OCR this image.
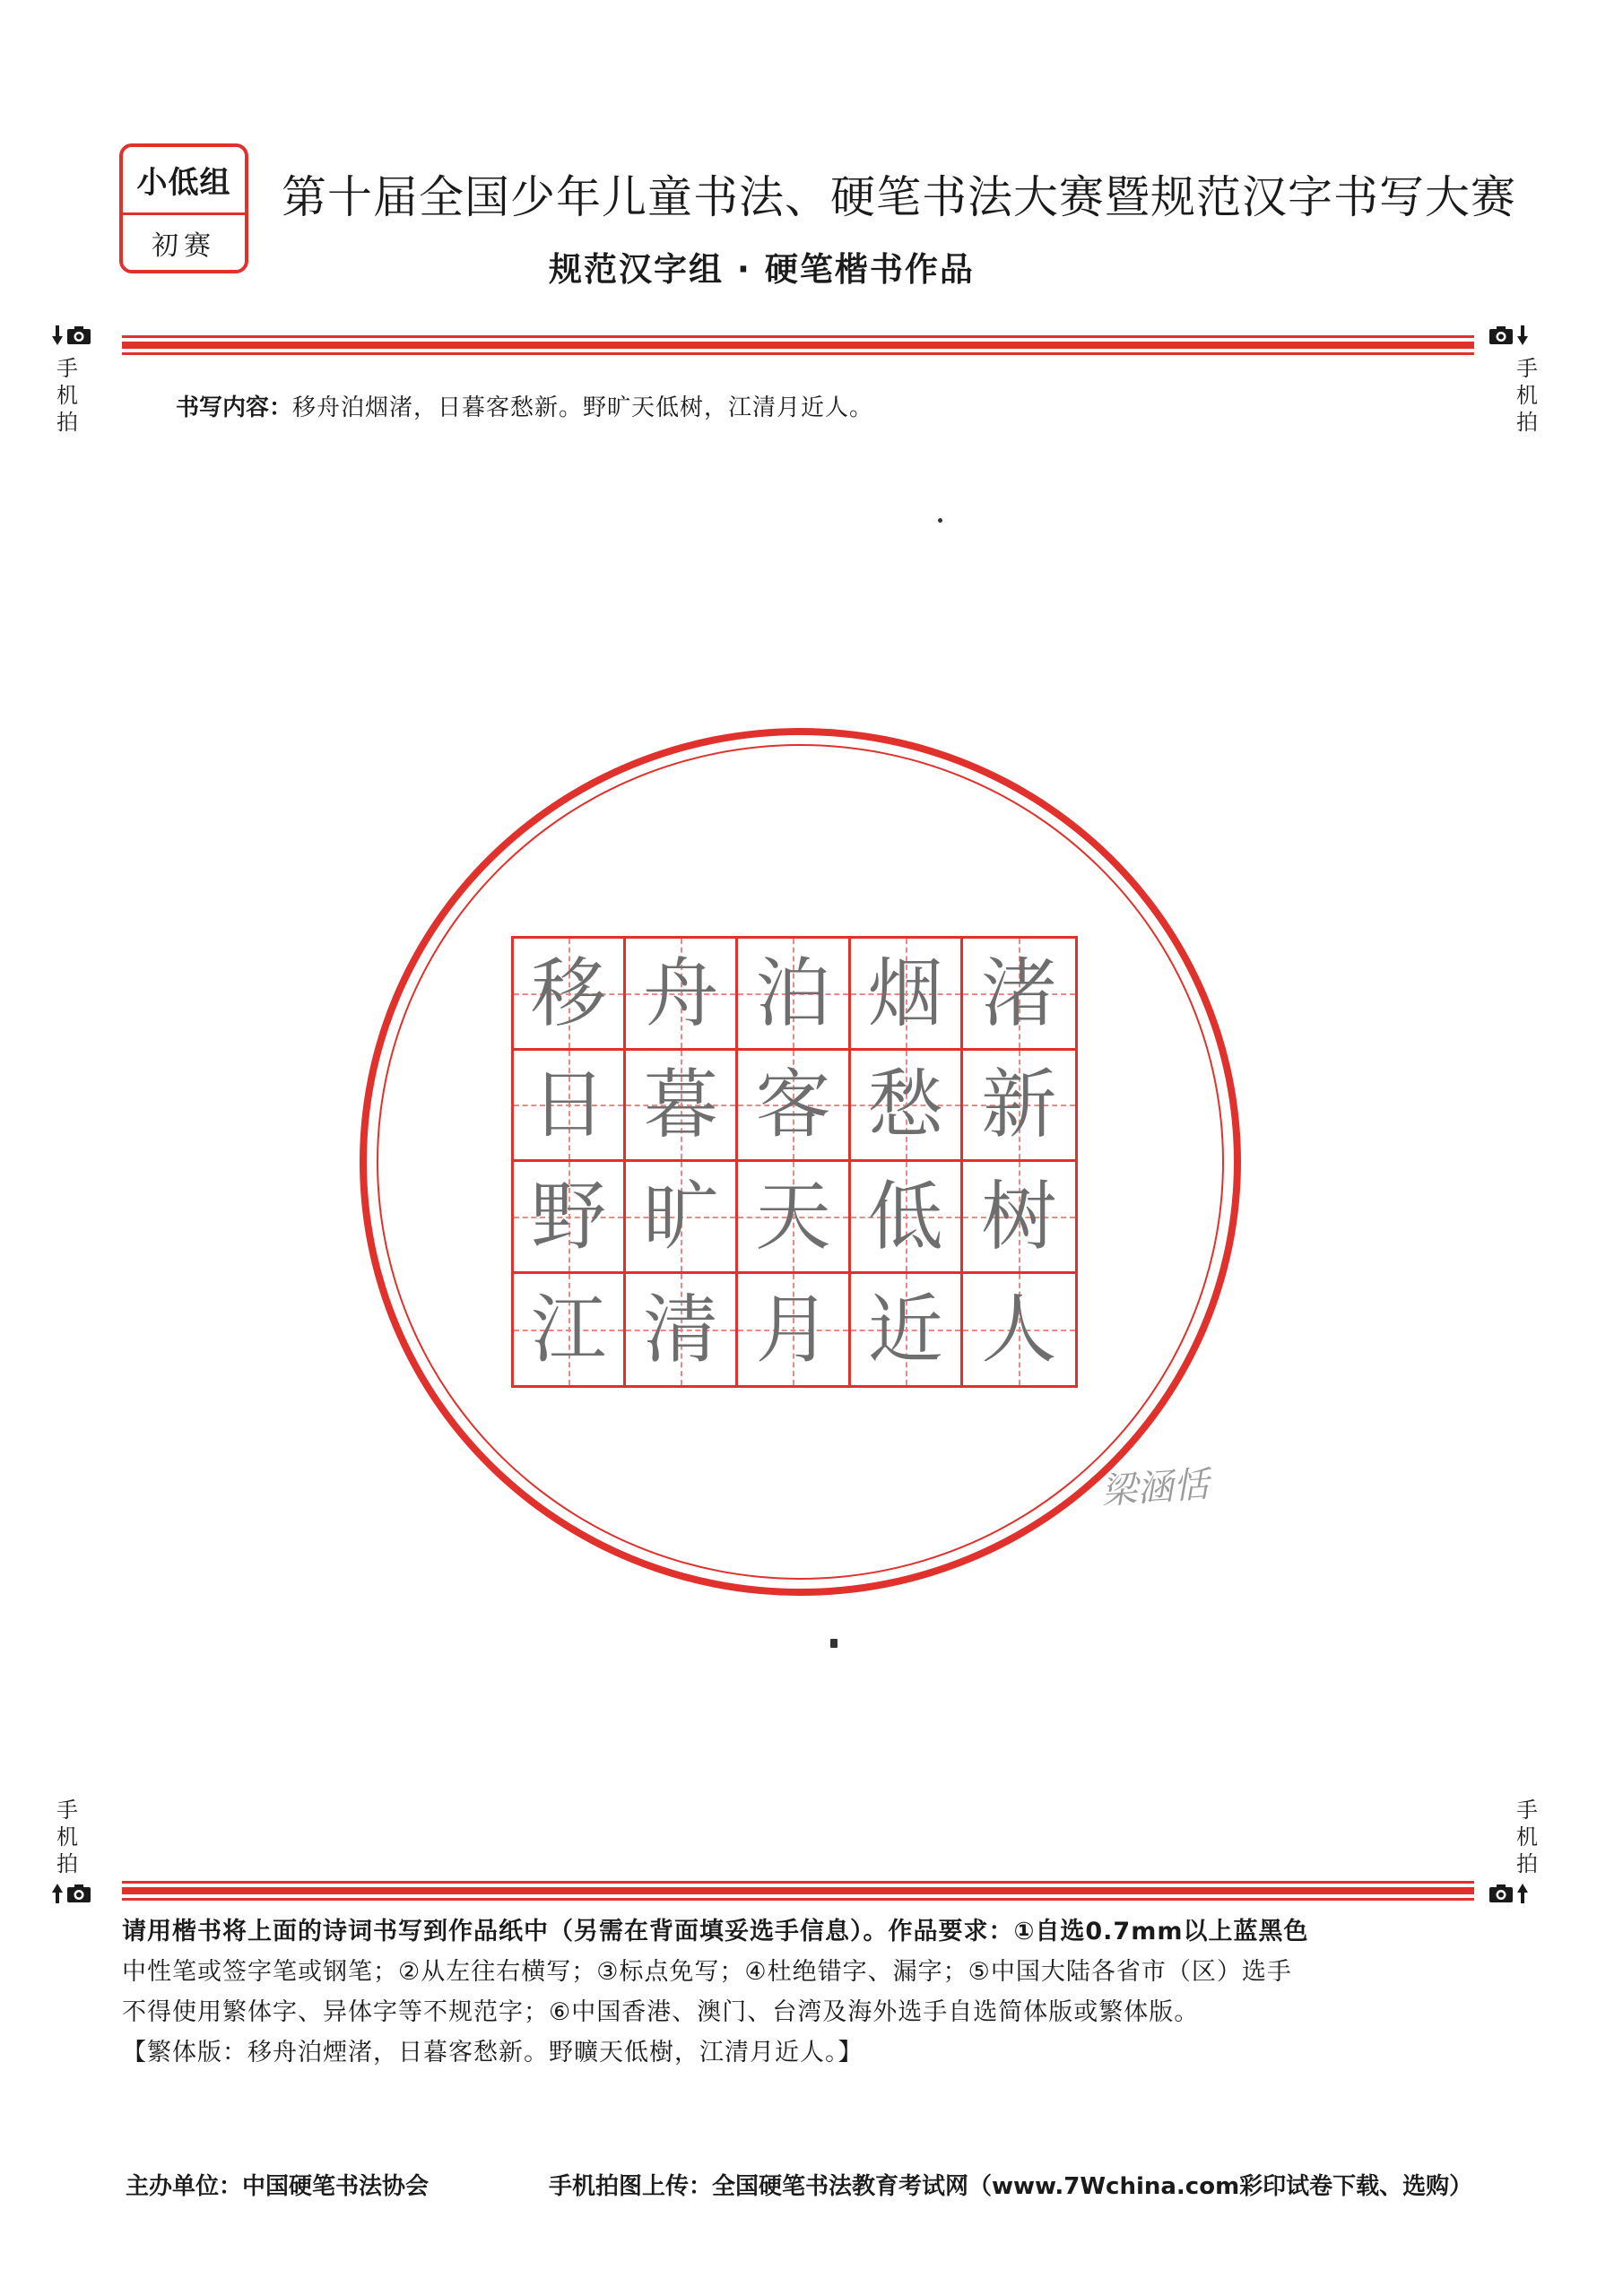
小低组
初赛
第十届全国少年儿童书法、硬笔书法大赛暨规范汉字书写大赛
规范汉字组 · 硬笔楷书作品
手机拍
手机拍
书写内容：移舟泊烟渚，日暮客愁新。野旷天低树，江清月近人。
移 舟 泊 烟 渚
日 暮 客 愁 新
野 旷 天 低 树
江 清 月 近 人
梁涵恬
手机拍
手机拍

请用楷书将上面的诗词书写到作品纸中（另需在背面填妥选手信息）。作品要求：①自选0.7mm以上蓝黑色

中性笔或签字笔或钢笔；②从左往右横写；③标点免写；④杜绝错字、漏字；⑤中国大陆各省市（区）选手

不得使用繁体字、异体字等不规范字；⑥中国香港、澳门、台湾及海外选手自选简体版或繁体版。

【繁体版：移舟泊煙渚，日暮客愁新。野曠天低樹，江清月近人。】

主办单位：中国硬笔书法协会	手机拍图上传：全国硬笔书法教育考试网（www.7Wchina.com彩印试卷下载、选购）
